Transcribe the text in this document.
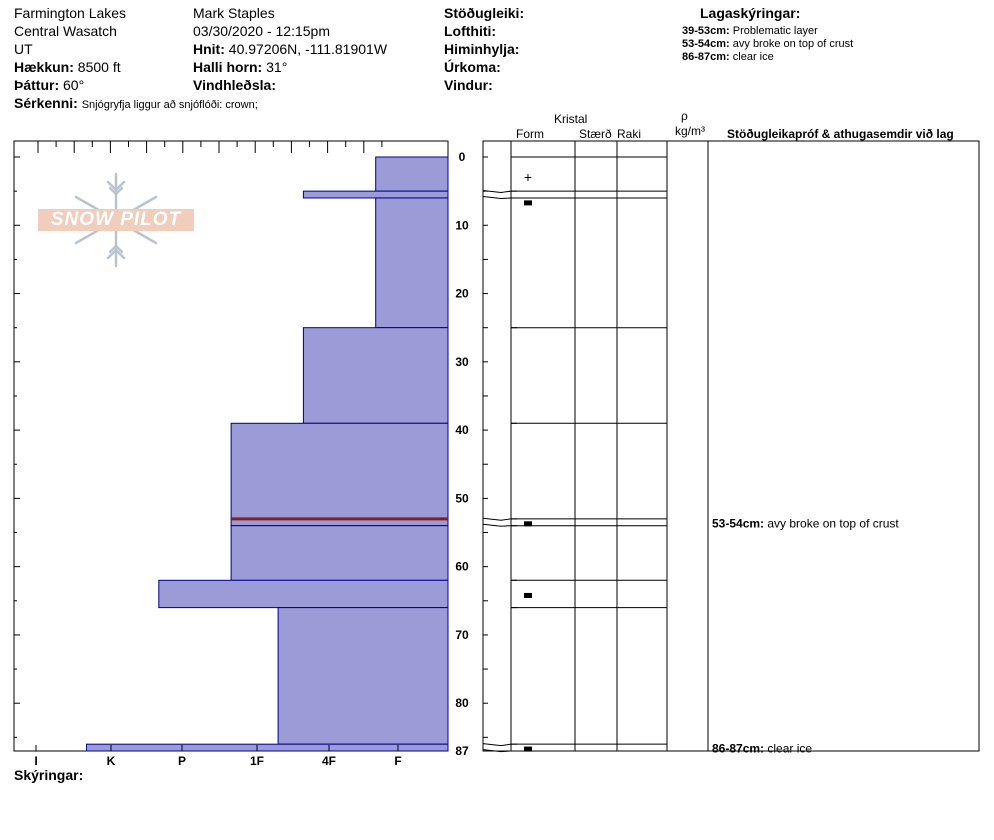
Farmington Lakes
Central Wasatch
UT
Hækkun: 8500 ft
Þáttur: 60°
Sérkenni: Snjógryfja liggur að snjóflóði: crown;
Mark Staples
03/30/2020 - 12:15pm
Hnit: 40.97206N, -111.81901W
Halli horn: 31°
Vindhleðsla:
Stöðugleiki:
Lofthiti:
Himinhylja:
Úrkoma:
Vindur:
Lagaskýringar:
39-53cm: Problematic layer
53-54cm: avy broke on top of crust
86-87cm: clear ice
Kristal
Form	Stærð Raki
ρ
kg/m³ Stöðugleikapróf & athugasemdir við lag
Skýringar:
SNOW PILOT
I	K	P	1F	4F	F
0
10
20
30
40
50
60
70
80
87
+
53-54cm: avy broke on top of crust
86-87cm: clear ice
